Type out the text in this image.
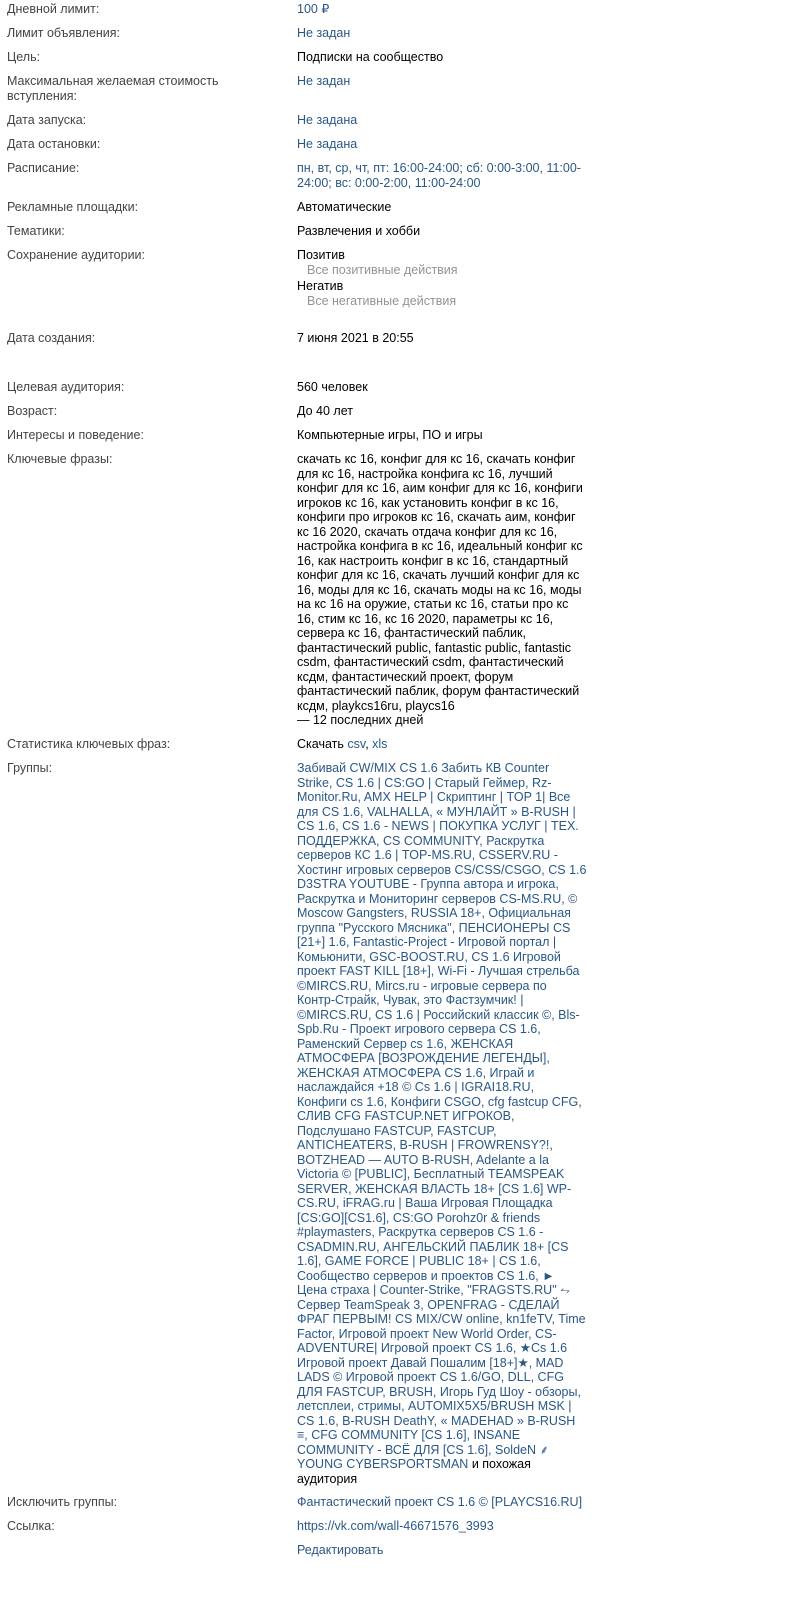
Дневной лимит:	100 ₽
Лимит объявления:	Не задан
Цель:	Подписки на сообщество
Максимальная желаемая стоимость вступления:
Не задан
Дата запуска:	Не задана
Дата остановки:	Не задана
Расписание:	пн, вт, ср, чт, пт: 16:00-24:00; сб: 0:00-3:00, 11:00-24:00; вс: 0:00-2:00, 11:00-24:00
Рекламные площадки:	Автоматические
Тематики:	Развлечения и хобби
Сохранение аудитории:	Позитив
Все позитивные действия
Негатив
Все негативные действия
Дата создания:	7 июня 2021 в 20:55
Целевая аудитория:	560 человек
Возраст:	До 40 лет
Интересы и поведение:	Компьютерные игры, ПО и игры
Ключевые фразы:	скачать кс 16, конфиг для кс 16, скачать конфиг для кс 16, настройка конфига кс 16, лучший конфиг для кс 16, аим конфиг для кс 16, конфиги игроков кс 16, как установить конфиг в кс 16, конфиги про игроков кс 16, скачать аим, конфиг кс 16 2020, скачать отдача конфиг для кс 16, настройка конфига в кс 16, идеальный конфиг кс 16, как настроить конфиг в кс 16, стандартный конфиг для кс 16, скачать лучший конфиг для кс 16, моды для кс 16, скачать моды на кс 16, моды на кс 16 на оружие, статьи кс 16, статьи про кс 16, стим кс 16, кс 16 2020, параметры кс 16, сервера кс 16, фантастический паблик, фантастический public, fantastic public, fantastic csdm, фантастический csdm, фантастический ксдм, фантастический проект, форум фантастический паблик, форум фантастический ксдм, playkcs16ru, playcs16
— 12 последних дней
Статистика ключевых фраз:	Скачать csv, xls
Группы:	Забивай CW/MIX CS 1.6 Забить КВ Counter Strike, CS 1.6 | CS:GO | Старый Геймер, Rz-Monitor.Ru, AMX HELP | Скриптинг | TOP 1| Все для CS 1.6, VALHALLA, « МУНЛАЙТ » B-RUSH | CS 1.6, CS 1.6 - NEWS | ПОКУПКА УСЛУГ | ТЕХ. ПОДДЕРЖКА, CS COMMUNITY, Раскрутка серверов КС 1.6 | TOP-MS.RU, CSSERV.RU - Хостинг игровых серверов CS/CSS/CSGO, CS 1.6 D3STRA YOUTUBE - Группа автора и игрока, Раскрутка и Мониторинг серверов CS-MS.RU, © Moscow Gangsters, RUSSIA 18+, Официальная группа "Русского Мясника", ПЕНСИОНЕРЫ CS [21+] 1.6, Fantastic-Project - Игровой портал | Комьюнити, GSC-BOOST.RU, CS 1.6 Игровой проект FAST KILL [18+], Wi-Fi - Лучшая стрельба ©MIRCS.RU, Mircs.ru - игровые сервера по Контр-Страйк, Чувак, это Фастзумчик! | ©MIRCS.RU, CS 1.6 | Российский классик ©, Bls-Spb.Ru - Проект игрового сервера CS 1.6, Раменский Сервер cs 1.6, ЖЕНСКАЯ АТМОСФЕРА [ВОЗРОЖДЕНИЕ ЛЕГЕНДЫ], ЖЕНСКАЯ АТМОСФЕРА CS 1.6, Играй и наслаждайся +18 © Cs 1.6 | IGRAI18.RU, Конфиги cs 1.6, Конфиги CSGO, cfg fastcup CFG, СЛИВ CFG FASTCUP.NET ИГРОКОВ, Подслушано FASTCUP, FASTCUP, ANTICHEATERS, B-RUSH | FROWRENSY?!, BOTZHEAD — AUTO B-RUSH, Adelante a la Victoria © [PUBLIC], Бесплатный TEAMSPEAK SERVER, ЖЕНСКАЯ ВЛАСТЬ 18+ [CS 1.6] WP-CS.RU, iFRAG.ru | Ваша Игровая Площадка [CS:GO][CS1.6], CS:GO Porohz0r & friends #playmasters, Раскрутка серверов CS 1.6 - CSADMIN.RU, АНГЕЛЬСКИЙ ПАБЛИК 18+ [CS 1.6], GAME FORCE | PUBLIC 18+ | CS 1.6, Сообщество серверов и проектов CS 1.6, ► Цена страха | Counter-Strike, "FRAGSTS.RU" ⥊ Сервер TeamSpeak 3, OPENFRAG - СДЕЛАЙ ФРАГ ПЕРВЫМ! CS MIX/CW online, kn1feTV, Time Factor, Игровой проект New World Order, CS-ADVENTURE| Игровой проект CS 1.6, ★Cs 1.6 Игровой проект Давай Пошалим [18+]★, MAD LADS © Игровой проект CS 1.6/GO, DLL, CFG ДЛЯ FASTCUP, BRUSH, Игорь Гуд Шоу - обзоры, летсплеи, стримы, AUTOMIX5X5/BRUSH MSK | CS 1.6, B-RUSH DeathY, « MADEHAD » B-RUSH ≡, CFG COMMUNITY [CS 1.6], INSANE COMMUNITY - ВСЁ ДЛЯ [CS 1.6], SoldeN ⸙ YOUNG CYBERSPORTSMAN и похожая аудитория
Исключить группы:	Фантастический проект CS 1.6 © [PLAYCS16.RU]
Ссылка:	https://vk.com/wall-46671576_3993
Редактировать
